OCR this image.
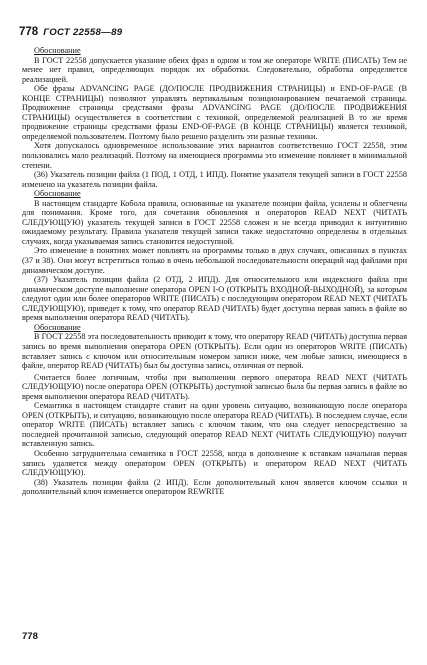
778 ГОСТ 22558—89

Обоснование

В ГОСТ 22558 допускается указание обеих фраз в одном и том же операторе WRITE (ПИСАТЬ) Тем не менее нет правил, определяющих порядок их обработки. Следовательно, обработка определяется реализацией.

Обе фразы ADVANCING PAGE (ДО/ПОСЛЕ ПРОДВИЖЕНИЯ СТРАНИЦЫ) и END-OF-PAGE (В КОНЦЕ СТРАНИЦЫ) позволяют управлять вертикальным позиционированием печатаемой страницы. Продвижение страницы средствами фразы ADVANCING PAGE (ДО/ПОСЛЕ ПРОДВИЖЕНИЯ СТРАНИЦЫ) осуществляется в соответствии с техникой, определяемой реализацией В то же время продвижение страницы средствами фразы END-OF-PAGE (В КОНЦЕ СТРАНИЦЫ) является техникой, определяемой пользователем. Поэтому было решено разделить эти разные техники.

Хотя допускалось одновременное использование этих вариантов соответственно ГОСТ 22558, этим пользовались мало реализаций. Поэтому на имеющиеся программы это изменение повлияет в минимальной степени.

(36) Указатель позиции файла (1 ПОД, 1 ОТД, 1 ИПД). Понятие указателя текущей записи в ГОСТ 22558 изменено на указатель позиции файла.

Обоснование

В настоящем стандарте Кобола правила, основанные на указателе позиции файла, усилены и облегчены для понимания. Кроме того, для сочетания обновления и операторов READ NEXT (ЧИТАТЬ СЛЕДУЮЩУЮ) указатель текущей записи в ГОСТ 22558 сложен и не всегда приводил к интуитивно ожидаемому результату. Правила указателя текущей записи также недостаточно определены в отдельных случаях, когда указываемая запись становится недоступной.

Это изменение в понятиях может повлиять на программы только в двух случаях, описанных в пунктах (37 и 38). Они могут встретиться только в очень небольшой последовательности операций над файлами при динамическом доступе.

(37) Указатель позиции файла (2 ОТД, 2 ИПД). Для относительного или индексного файла при динамическом доступе выполнение оператора OPEN I-O (ОТКРЫТЬ ВХОДНОЙ-ВЫХОДНОЙ), за которым следуют один или более операторов WRITE (ПИСАТЬ) с последующим оператором READ NEXT (ЧИТАТЬ СЛЕДУЮЩУЮ), приведет к тому, что оператор READ (ЧИТАТЬ) будет доступна первая запись в файле во время выполнения оператора READ (ЧИТАТЬ).

Обоснование

В ГОСТ 22558 эта последовательность приводит к тому, что оператору READ (ЧИТАТЬ) доступна первая запись во время выполнения оператора OPEN (ОТКРЫТЬ). Если один из операторов WRITE (ПИСАТЬ) вставляет запись с ключом или относительным номером записи ниже, чем любые записи, имеющиеся в файле, оператор READ (ЧИТАТЬ) был бы доступна запись, отличная от первой.

Считается более логичным, чтобы при выполнении первого оператора READ NEXT (ЧИТАТЬ СЛЕДУЮЩУЮ) после оператора OPEN (ОТКРЫТЬ) доступной записью была бы первая запись в файле во время выполнения оператора READ (ЧИТАТЬ).

Семантика в настоящем стандарте ставит на один уровень ситуацию, возникающую после оператора OPEN (ОТКРЫТЬ), и ситуацию, возникающую после оператора READ (ЧИТАТЬ). В последнем случае, если оператор WRITE (ПИСАТЬ) вставляет запись с ключом таким, что она следует непосредственно за последней прочитанной записью, следующий оператор READ NEXT (ЧИТАТЬ СЛЕДУЮЩУЮ) получит вставленную запись.

Особенно затруднительна семантика в ГОСТ 22558, когда в дополнение к вставкам начальная первая запись удаляется между оператором OPEN (ОТКРЫТЬ) и оператором READ NEXT (ЧИТАТЬ СЛЕДУЮЩУЮ).

(38) Указатель позиции файла (2 ИПД). Если дополнительный ключ является ключом ссылки и дополнительный ключ изменяется оператором REWRITE

778
